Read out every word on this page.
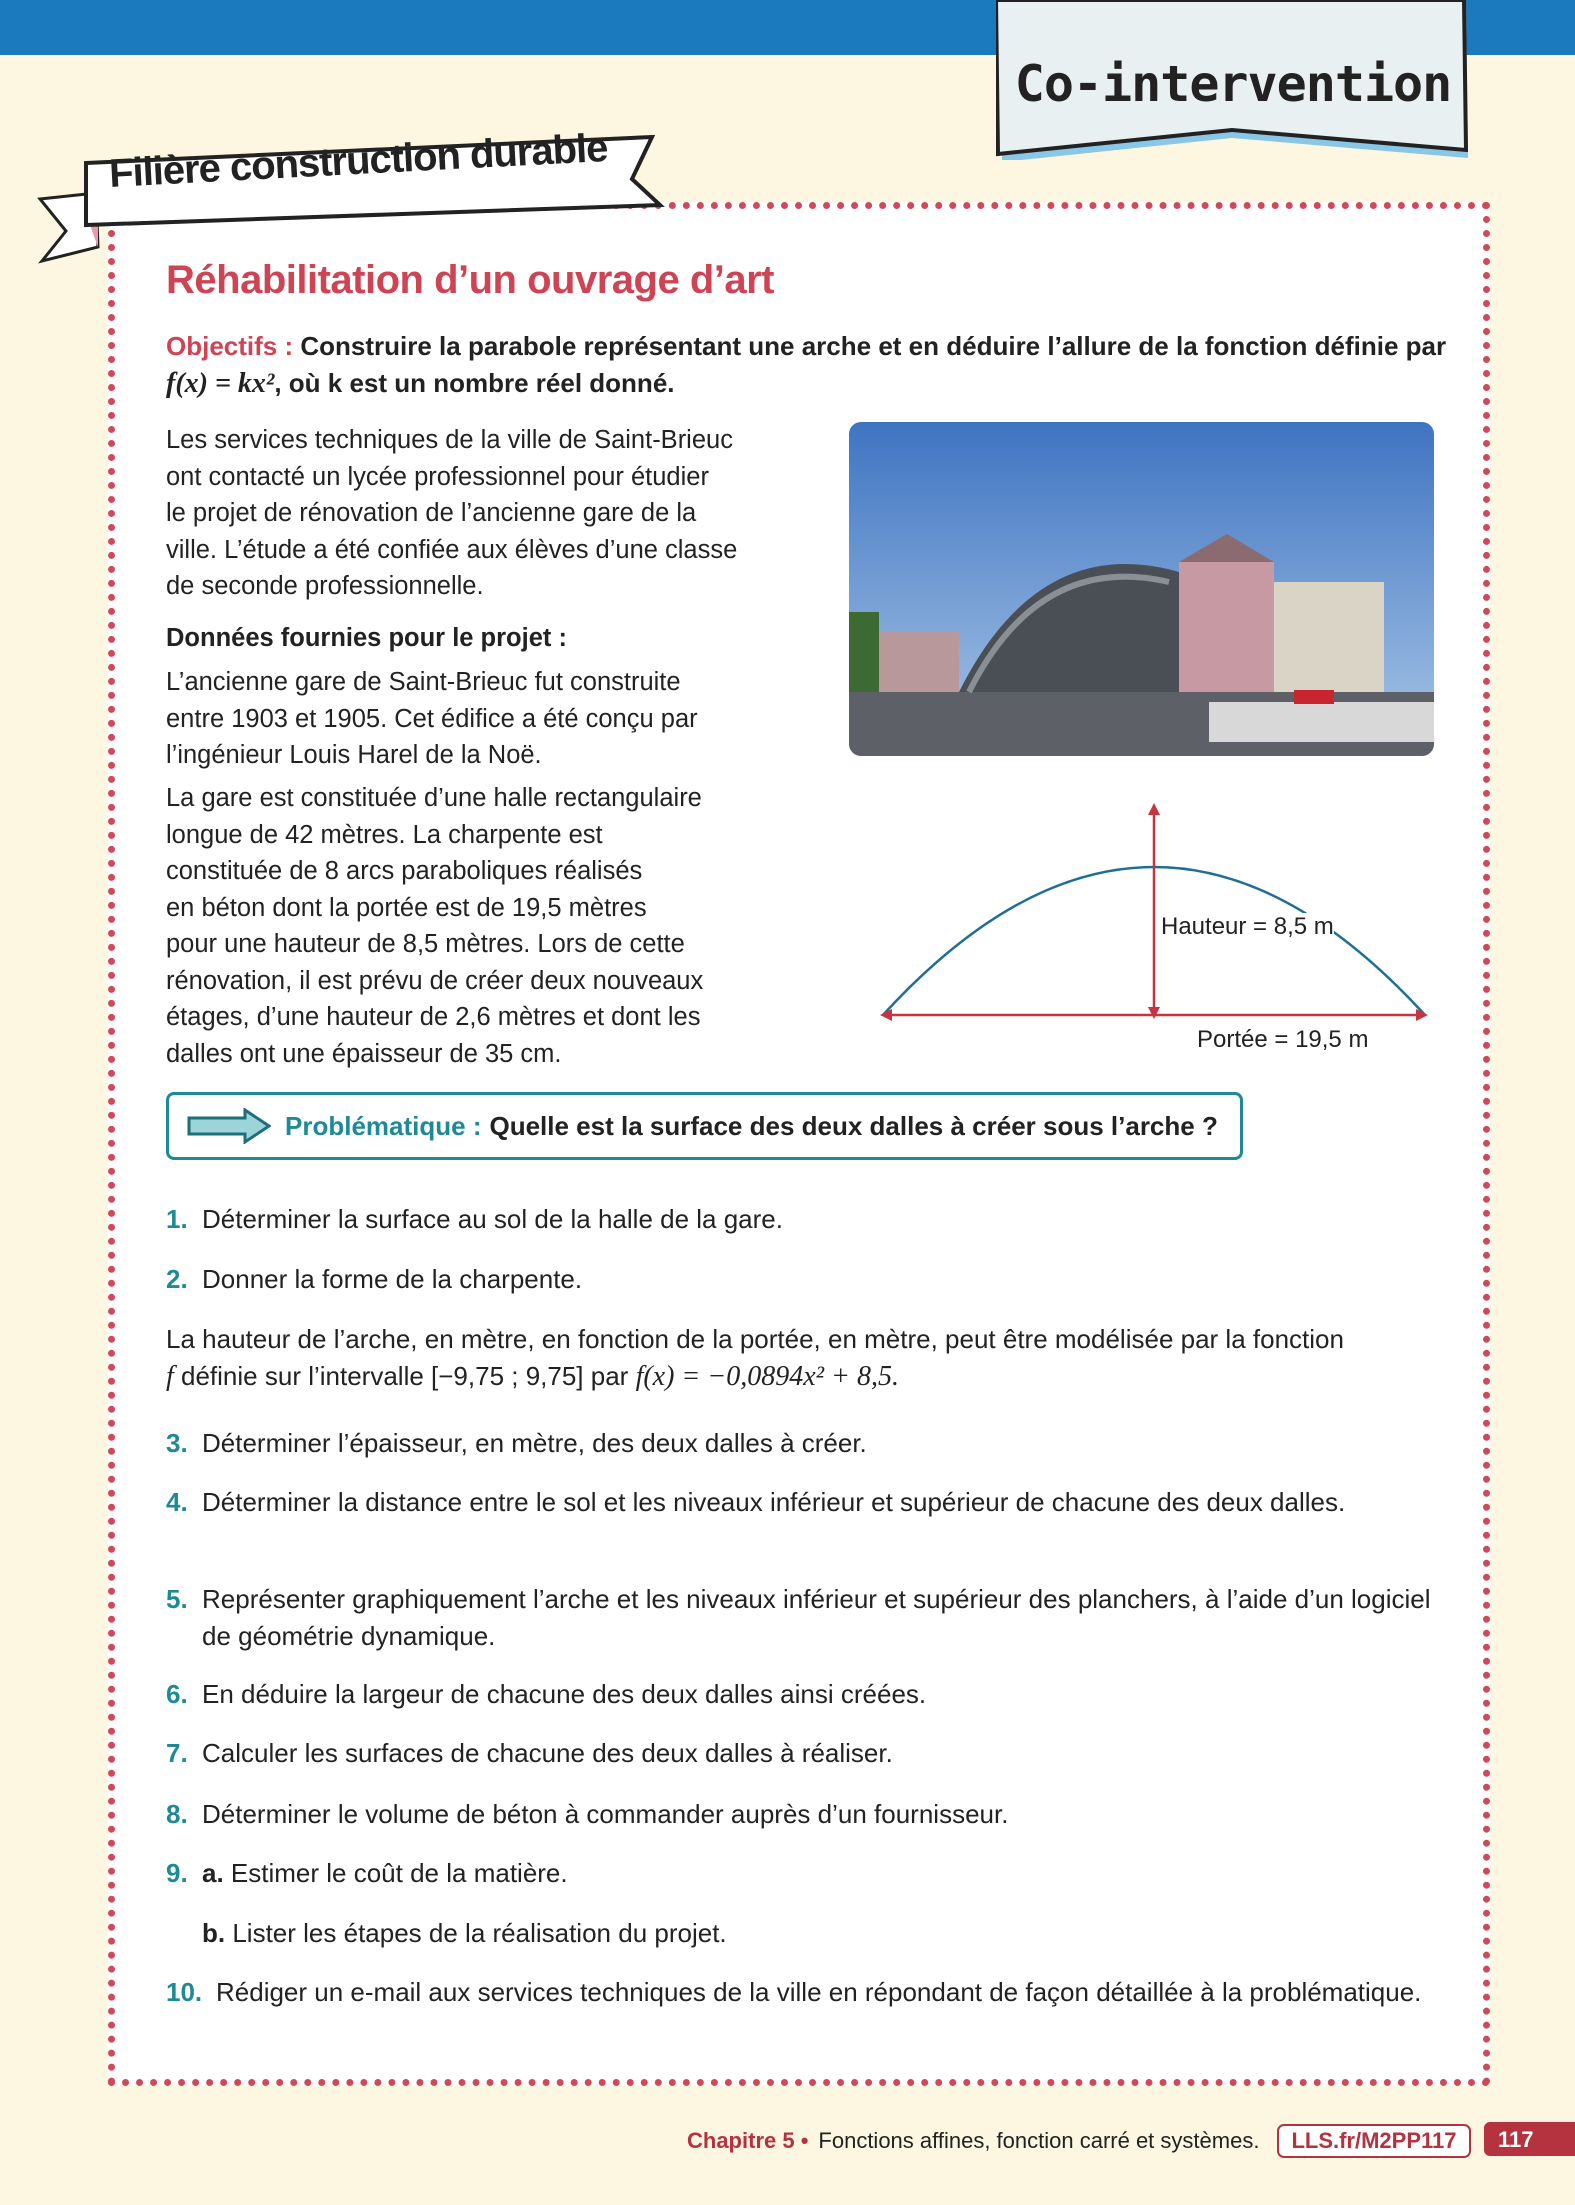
Co-intervention
Filière construction durable
Réhabilitation d’un ouvrage d’art
Objectifs : Construire la parabole représentant une arche et en déduire l’allure de la fonction définie par f(x) = kx², où k est un nombre réel donné.
Les services techniques de la ville de Saint-Brieuc
ont contacté un lycée professionnel pour étudier
le projet de rénovation de l’ancienne gare de la
ville. L’étude a été confiée aux élèves d’une classe
de seconde professionnelle.
Données fournies pour le projet :
L’ancienne gare de Saint-Brieuc fut construite
entre 1903 et 1905. Cet édifice a été conçu par
l’ingénieur Louis Harel de la Noë.
La gare est constituée d’une halle rectangulaire
longue de 42 mètres. La charpente est
constituée de 8 arcs paraboliques réalisés
en béton dont la portée est de 19,5 mètres
pour une hauteur de 8,5 mètres. Lors de cette
rénovation, il est prévu de créer deux nouveaux
étages, d’une hauteur de 2,6 mètres et dont les
dalles ont une épaisseur de 35 cm.
Hauteur = 8,5 m
Portée = 19,5 m
Problématique : Quelle est la surface des deux dalles à créer sous l’arche ?
1. Déterminer la surface au sol de la halle de la gare.
2. Donner la forme de la charpente.
La hauteur de l’arche, en mètre, en fonction de la portée, en mètre, peut être modélisée par la fonction
f définie sur l’intervalle [−9,75 ; 9,75] par f(x) = −0,0894x² + 8,5.
3. Déterminer l’épaisseur, en mètre, des deux dalles à créer.
4. Déterminer la distance entre le sol et les niveaux inférieur et supérieur de chacune des deux dalles.
5. Représenter graphiquement l’arche et les niveaux inférieur et supérieur des planchers, à l’aide d’un logiciel de géométrie dynamique.
6. En déduire la largeur de chacune des deux dalles ainsi créées.
7. Calculer les surfaces de chacune des deux dalles à réaliser.
8. Déterminer le volume de béton à commander auprès d’un fournisseur.
9. a. Estimer le coût de la matière.
b. Lister les étapes de la réalisation du projet.
10. Rédiger un e-mail aux services techniques de la ville en répondant de façon détaillée à la problématique.
Chapitre 5 • Fonctions affines, fonction carré et systèmes.	LLS.fr/M2PP117	117
